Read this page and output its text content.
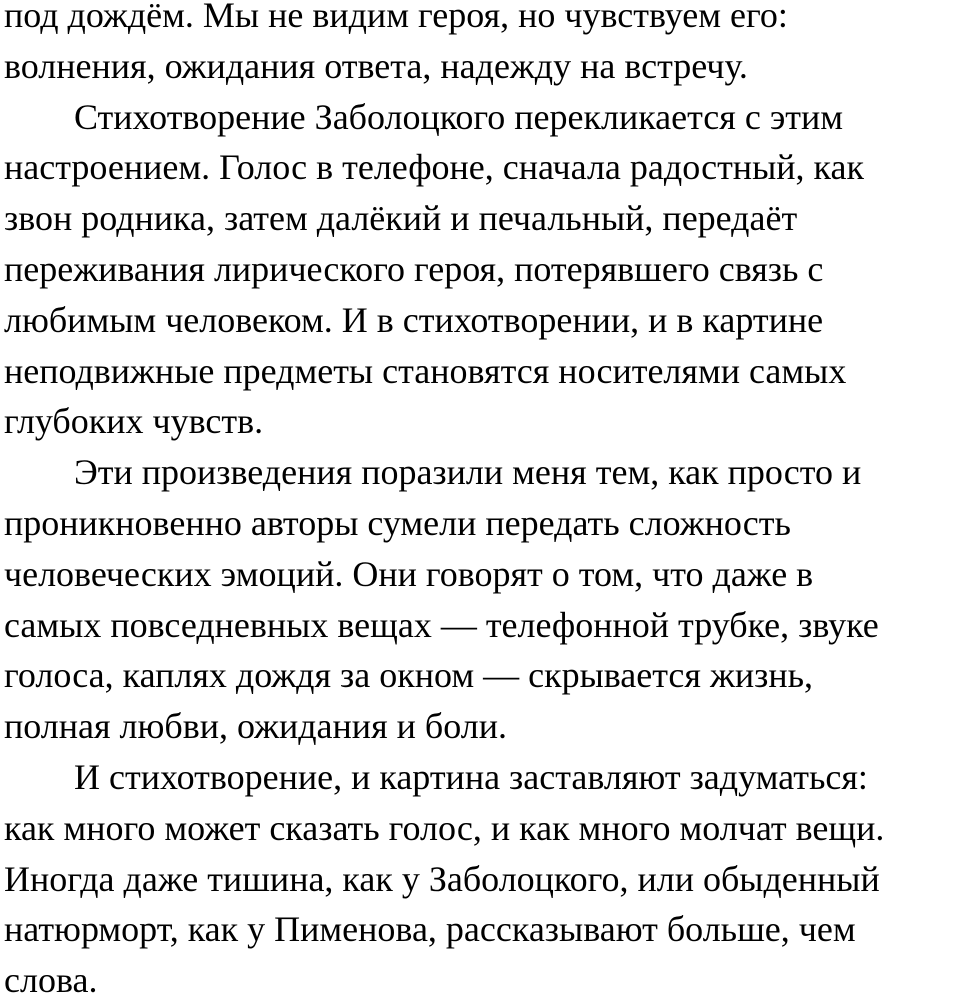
под дождём. Мы не видим героя, но чувствуем его:
волнения, ожидания ответа, надежду на встречу.

Стихотворение Заболоцкого перекликается с этим
настроением. Голос в телефоне, сначала радостный, как
звон родника, затем далёкий и печальный, передаёт
переживания лирического героя, потерявшего связь с
любимым человеком. И в стихотворении, и в картине
неподвижные предметы становятся носителями самых
глубоких чувств.

Эти произведения поразили меня тем, как просто и
проникновенно авторы сумели передать сложность
человеческих эмоций. Они говорят о том, что даже в
самых повседневных вещах — телефонной трубке, звуке
голоса, каплях дождя за окном — скрывается жизнь,
полная любви, ожидания и боли.

И стихотворение, и картина заставляют задуматься:
как много может сказать голос, и как много молчат вещи.
Иногда даже тишина, как у Заболоцкого, или обыденный
натюрморт, как у Пименова, рассказывают больше, чем
слова.
